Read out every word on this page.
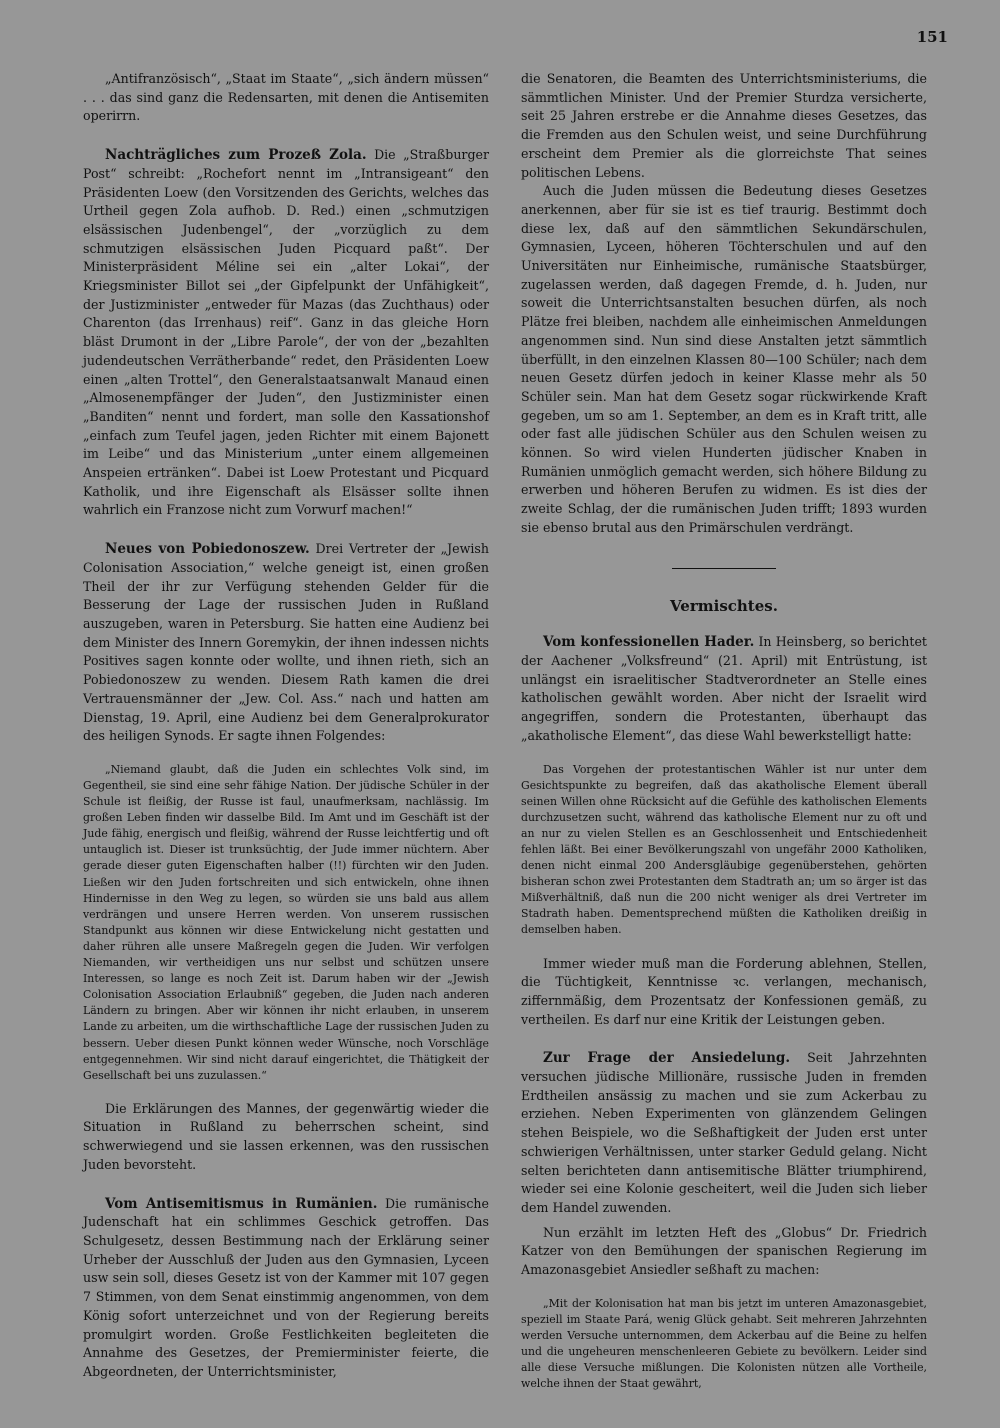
151

„Antifranzösisch“, „Staat im Staate“, „sich ändern müssen“ . . . das sind ganz die Redensarten, mit denen die Antisemiten operirrn.

Nachträgliches zum Prozeß Zola. Die „Straßburger Post“ schreibt: „Rochefort nennt im „Intransigeant“ den Präsidenten Loew (den Vorsitzenden des Gerichts, welches das Urtheil gegen Zola aufhob. D. Red.) einen „schmutzigen elsässischen Judenbengel“, der „vorzüglich zu dem schmutzigen elsässischen Juden Picquard paßt“. Der Ministerpräsident Méline sei ein „alter Lokai“, der Kriegsminister Billot sei „der Gipfelpunkt der Unfähigkeit“, der Justizminister „entweder für Mazas (das Zuchthaus) oder Charenton (das Irrenhaus) reif“. Ganz in das gleiche Horn bläst Drumont in der „Libre Parole“, der von der „bezahlten judendeutschen Verrätherbande“ redet, den Präsidenten Loew einen „alten Trottel“, den Generalstaatsanwalt Manaud einen „Almosenempfänger der Juden“, den Justizminister einen „Banditen“ nennt und fordert, man solle den Kassationshof „einfach zum Teufel jagen, jeden Richter mit einem Bajonett im Leibe“ und das Ministerium „unter einem allgemeinen Anspeien ertränken“. Dabei ist Loew Protestant und Picquard Katholik, und ihre Eigenschaft als Elsässer sollte ihnen wahrlich ein Franzose nicht zum Vorwurf machen!“

Neues von Pobiedonoszew. Drei Vertreter der „Jewish Colonisation Association,“ welche geneigt ist, einen großen Theil der ihr zur Verfügung stehenden Gelder für die Besserung der Lage der russischen Juden in Rußland auszugeben, waren in Petersburg. Sie hatten eine Audienz bei dem Minister des Innern Goremykin, der ihnen indessen nichts Positives sagen konnte oder wollte, und ihnen rieth, sich an Pobiedonoszew zu wenden. Diesem Rath kamen die drei Vertrauensmänner der „Jew. Col. Ass.“ nach und hatten am Dienstag, 19. April, eine Audienz bei dem Generalprokurator des heiligen Synods. Er sagte ihnen Folgendes:

„Niemand glaubt, daß die Juden ein schlechtes Volk sind, im Gegentheil, sie sind eine sehr fähige Nation. Der jüdische Schüler in der Schule ist fleißig, der Russe ist faul, unaufmerksam, nachlässig. Im großen Leben finden wir dasselbe Bild. Im Amt und im Geschäft ist der Jude fähig, energisch und fleißig, während der Russe leichtfertig und oft untauglich ist. Dieser ist trunksüchtig, der Jude immer nüchtern. Aber gerade dieser guten Eigenschaften halber (!!) fürchten wir den Juden. Ließen wir den Juden fortschreiten und sich entwickeln, ohne ihnen Hindernisse in den Weg zu legen, so würden sie uns bald aus allem verdrängen und unsere Herren werden. Von unserem russischen Standpunkt aus können wir diese Entwickelung nicht gestatten und daher rühren alle unsere Maßregeln gegen die Juden. Wir verfolgen Niemanden, wir vertheidigen uns nur selbst und schützen unsere Interessen, so lange es noch Zeit ist. Darum haben wir der „Jewish Colonisation Association Erlaubniß“ gegeben, die Juden nach anderen Ländern zu bringen. Aber wir können ihr nicht erlauben, in unserem Lande zu arbeiten, um die wirthschaftliche Lage der russischen Juden zu bessern. Ueber diesen Punkt können weder Wünsche, noch Vorschläge entgegennehmen. Wir sind nicht darauf eingerichtet, die Thätigkeit der Gesellschaft bei uns zuzulassen.“

Die Erklärungen des Mannes, der gegenwärtig wieder die Situation in Rußland zu beherrschen scheint, sind schwerwiegend und sie lassen erkennen, was den russischen Juden bevorsteht.

Vom Antisemitismus in Rumänien. Die rumänische Judenschaft hat ein schlimmes Geschick getroffen. Das Schulgesetz, dessen Bestimmung nach der Erklärung seiner Urheber der Ausschluß der Juden aus den Gymnasien, Lyceen usw sein soll, dieses Gesetz ist von der Kammer mit 107 gegen 7 Stimmen, von dem Senat einstimmig angenommen, von dem König sofort unterzeichnet und von der Regierung bereits promulgirt worden. Große Festlichkeiten begleiteten die Annahme des Gesetzes, der Premierminister feierte, die Abgeordneten, der Unterrichtsminister,

die Senatoren, die Beamten des Unterrichtsministeriums, die sämmtlichen Minister. Und der Premier Sturdza versicherte, seit 25 Jahren erstrebe er die Annahme dieses Gesetzes, das die Fremden aus den Schulen weist, und seine Durchführung erscheint dem Premier als die glorreichste That seines politischen Lebens.

Auch die Juden müssen die Bedeutung dieses Gesetzes anerkennen, aber für sie ist es tief traurig. Bestimmt doch diese lex, daß auf den sämmtlichen Sekundärschulen, Gymnasien, Lyceen, höheren Töchterschulen und auf den Universitäten nur Einheimische, rumänische Staatsbürger, zugelassen werden, daß dagegen Fremde, d. h. Juden, nur soweit die Unterrichtsanstalten besuchen dürfen, als noch Plätze frei bleiben, nachdem alle einheimischen Anmeldungen angenommen sind. Nun sind diese Anstalten jetzt sämmtlich überfüllt, in den einzelnen Klassen 80—100 Schüler; nach dem neuen Gesetz dürfen jedoch in keiner Klasse mehr als 50 Schüler sein. Man hat dem Gesetz sogar rückwirkende Kraft gegeben, um so am 1. September, an dem es in Kraft tritt, alle oder fast alle jüdischen Schüler aus den Schulen weisen zu können. So wird vielen Hunderten jüdischer Knaben in Rumänien unmöglich gemacht werden, sich höhere Bildung zu erwerben und höheren Berufen zu widmen. Es ist dies der zweite Schlag, der die rumänischen Juden trifft; 1893 wurden sie ebenso brutal aus den Primärschulen verdrängt.

Vermischtes.

Vom konfessionellen Hader. In Heinsberg, so berichtet der Aachener „Volksfreund“ (21. April) mit Entrüstung, ist unlängst ein israelitischer Stadtverordneter an Stelle eines katholischen gewählt worden. Aber nicht der Israelit wird angegriffen, sondern die Protestanten, überhaupt das „akatholische Element“, das diese Wahl bewerkstelligt hatte:

Das Vorgehen der protestantischen Wähler ist nur unter dem Gesichtspunkte zu begreifen, daß das akatholische Element überall seinen Willen ohne Rücksicht auf die Gefühle des katholischen Elements durchzusetzen sucht, während das katholische Element nur zu oft und an nur zu vielen Stellen es an Geschlossenheit und Entschiedenheit fehlen läßt. Bei einer Bevölkerungszahl von ungefähr 2000 Katholiken, denen nicht einmal 200 Andersgläubige gegenüberstehen, gehörten bisheran schon zwei Protestanten dem Stadtrath an; um so ärger ist das Mißverhältniß, daß nun die 200 nicht weniger als drei Vertreter im Stadrath haben. Dementsprechend müßten die Katholiken dreißig in demselben haben.

Immer wieder muß man die Forderung ablehnen, Stellen, die Tüchtigkeit, Kenntnisse ꝛc. verlangen, mechanisch, ziffernmäßig, dem Prozentsatz der Konfessionen gemäß, zu vertheilen. Es darf nur eine Kritik der Leistungen geben.

Zur Frage der Ansiedelung. Seit Jahrzehnten versuchen jüdische Millionäre, russische Juden in fremden Erdtheilen ansässig zu machen und sie zum Ackerbau zu erziehen. Neben Experimenten von glänzendem Gelingen stehen Beispiele, wo die Seßhaftigkeit der Juden erst unter schwierigen Verhältnissen, unter starker Geduld gelang. Nicht selten berichteten dann antisemitische Blätter triumphirend, wieder sei eine Kolonie gescheitert, weil die Juden sich lieber dem Handel zuwenden.

Nun erzählt im letzten Heft des „Globus“ Dr. Friedrich Katzer von den Bemühungen der spanischen Regierung im Amazonasgebiet Ansiedler seßhaft zu machen:

„Mit der Kolonisation hat man bis jetzt im unteren Amazonasgebiet, speziell im Staate Pará, wenig Glück gehabt. Seit mehreren Jahrzehnten werden Versuche unternommen, dem Ackerbau auf die Beine zu helfen und die ungeheuren menschenleeren Gebiete zu bevölkern. Leider sind alle diese Versuche mißlungen. Die Kolonisten nützen alle Vortheile, welche ihnen der Staat gewährt,
